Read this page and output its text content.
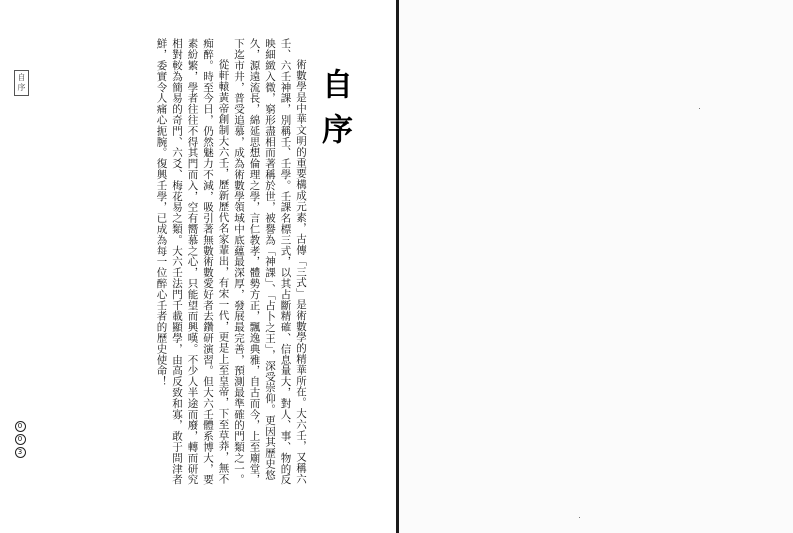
自序	術數學是中華文明的重要構成元素，古傳「三式」是術數學的精華所在。大六壬，又稱六壬、六壬神課，別稱壬、壬學。壬課名標三式，以其占斷精確、信息量大，對人、事、物的反映細緻入微，窮形盡相而著稱於世，被譽為「神課」、「占卜之王」，深受崇仰。更因其歷史悠久，源遠流長，綿延思想倫理之學，言仁教孝，體勢方正，飄逸典雅，自古而今，上至廟堂，下迄市井，普受追慕，成為術數學領域中底蘊最深厚，發展最完善，預測最準確的門類之一。

從軒轅黃帝創制大六壬，歷新歷代名家輩出，有宋一代，更是上至皇帝，下至草莽，無不痴醉。時至今日，仍然魅力不減，吸引著無數術數愛好者去鑽研演習。但大六壬體系博大，要素紛繁，學者往往不得其門而入，空有嚮慕之心，只能望而興嘆。不少人半途而廢，轉而研究相對較為簡易的奇門、六爻、梅花易之類。大六壬法門千載顯學，由高反致和寡，敢于問津者鮮，委實令人痛心扼腕。復興壬學，已成為每一位醉心壬者的歷史使命！	自序
0
0
3
